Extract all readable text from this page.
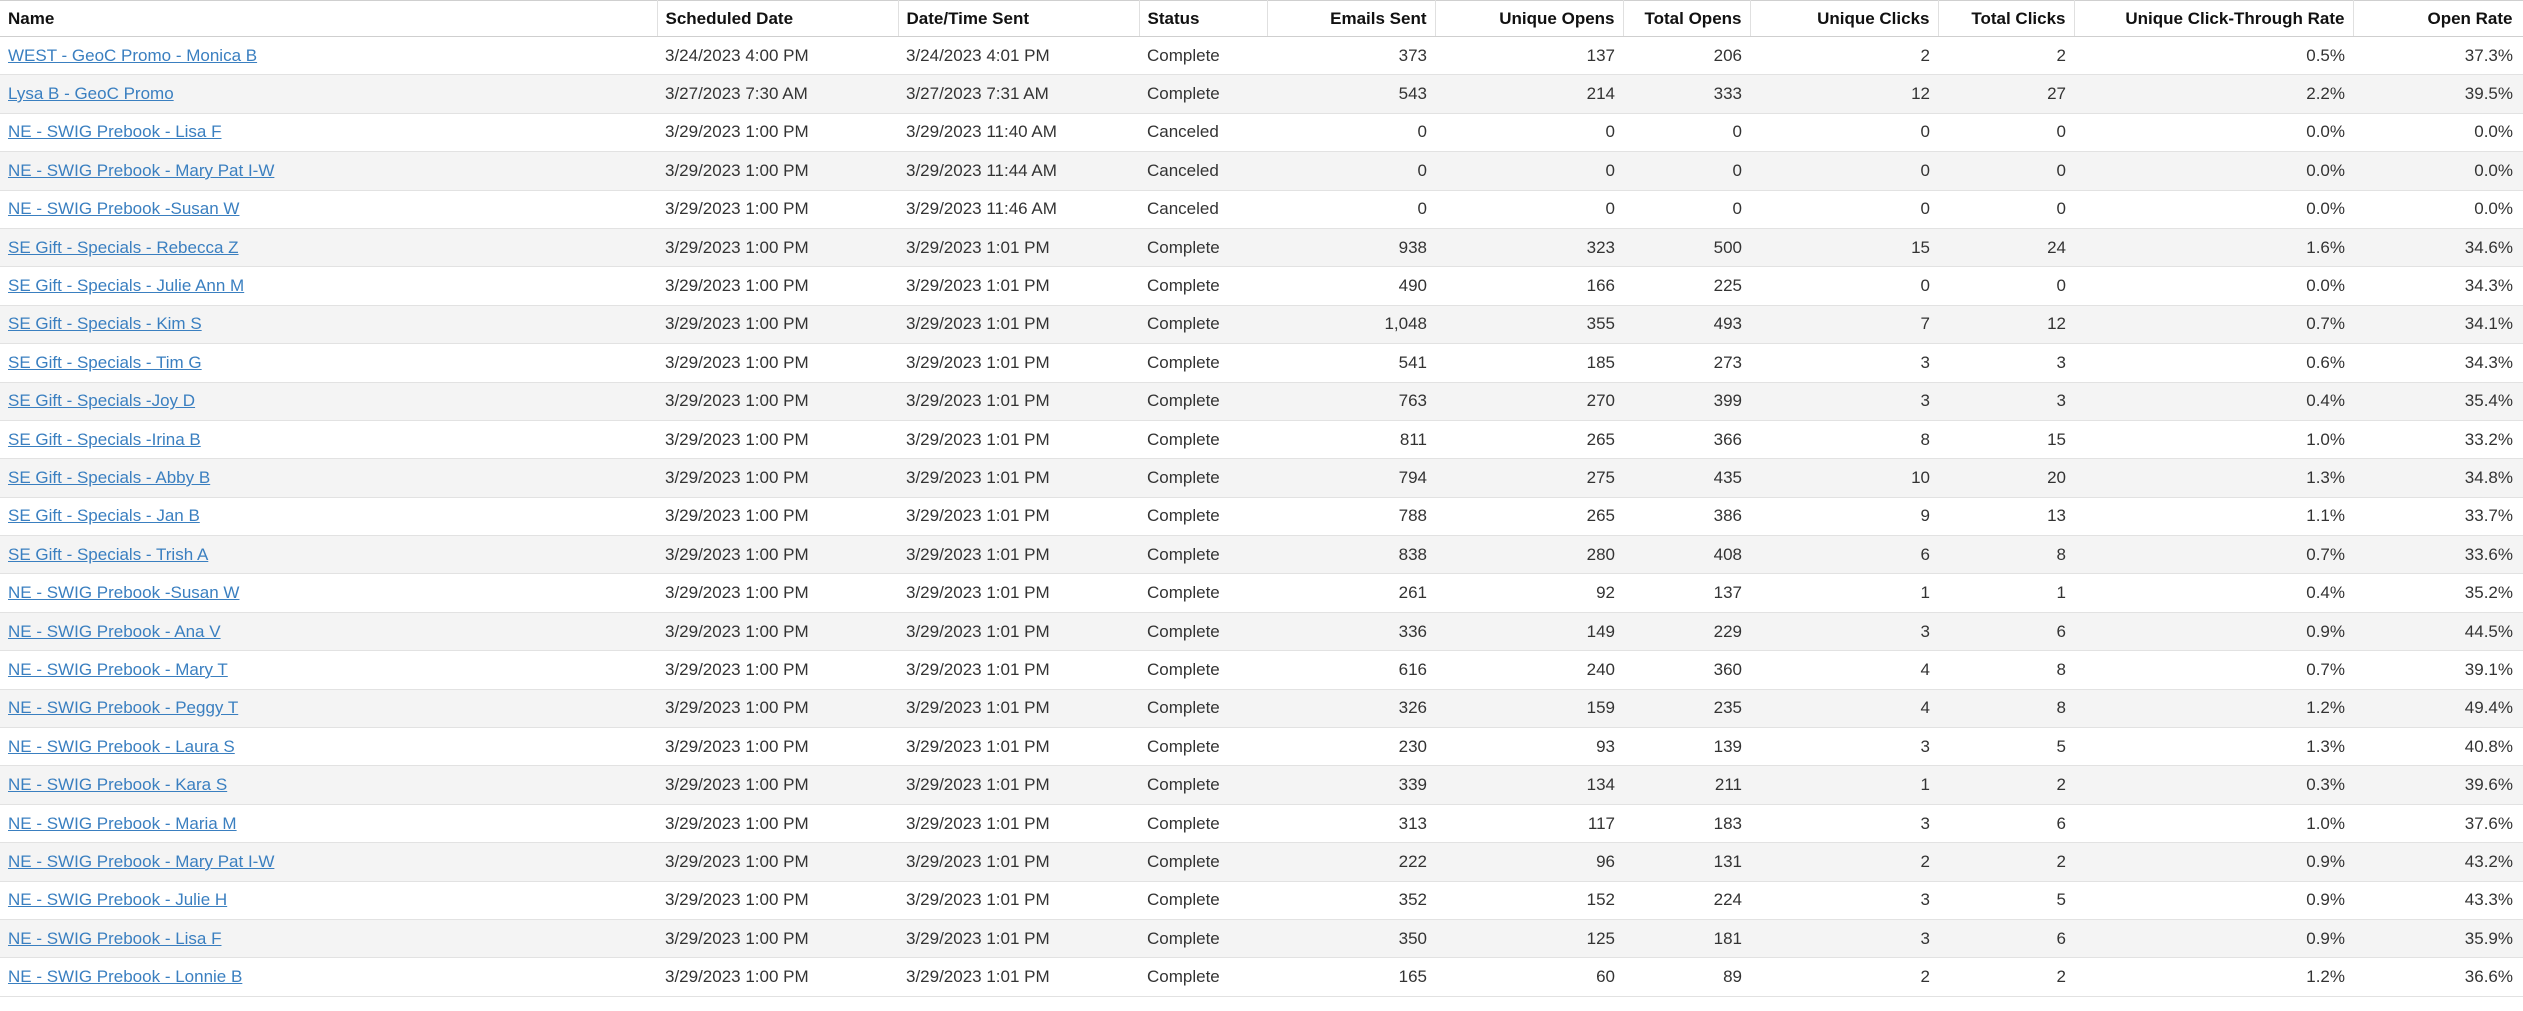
Name	Scheduled Date	Date/Time Sent	Status	Emails Sent	Unique Opens	Total Opens	Unique Clicks	Total Clicks	Unique Click-Through Rate	Open Rate
WEST - GeoC Promo - Monica B	3/24/2023 4:00 PM	3/24/2023 4:01 PM	Complete	373	137	206	2	2	0.5%	37.3%
Lysa B - GeoC Promo	3/27/2023 7:30 AM	3/27/2023 7:31 AM	Complete	543	214	333	12	27	2.2%	39.5%
NE - SWIG Prebook - Lisa F	3/29/2023 1:00 PM	3/29/2023 11:40 AM	Canceled	0	0	0	0	0	0.0%	0.0%
NE - SWIG Prebook - Mary Pat I-W	3/29/2023 1:00 PM	3/29/2023 11:44 AM	Canceled	0	0	0	0	0	0.0%	0.0%
NE - SWIG Prebook -Susan W	3/29/2023 1:00 PM	3/29/2023 11:46 AM	Canceled	0	0	0	0	0	0.0%	0.0%
SE Gift - Specials - Rebecca Z	3/29/2023 1:00 PM	3/29/2023 1:01 PM	Complete	938	323	500	15	24	1.6%	34.6%
SE Gift - Specials - Julie Ann M	3/29/2023 1:00 PM	3/29/2023 1:01 PM	Complete	490	166	225	0	0	0.0%	34.3%
SE Gift - Specials - Kim S	3/29/2023 1:00 PM	3/29/2023 1:01 PM	Complete	1,048	355	493	7	12	0.7%	34.1%
SE Gift - Specials - Tim G	3/29/2023 1:00 PM	3/29/2023 1:01 PM	Complete	541	185	273	3	3	0.6%	34.3%
SE Gift - Specials -Joy D	3/29/2023 1:00 PM	3/29/2023 1:01 PM	Complete	763	270	399	3	3	0.4%	35.4%
SE Gift - Specials -Irina B	3/29/2023 1:00 PM	3/29/2023 1:01 PM	Complete	811	265	366	8	15	1.0%	33.2%
SE Gift - Specials - Abby B	3/29/2023 1:00 PM	3/29/2023 1:01 PM	Complete	794	275	435	10	20	1.3%	34.8%
SE Gift - Specials - Jan B	3/29/2023 1:00 PM	3/29/2023 1:01 PM	Complete	788	265	386	9	13	1.1%	33.7%
SE Gift - Specials - Trish A	3/29/2023 1:00 PM	3/29/2023 1:01 PM	Complete	838	280	408	6	8	0.7%	33.6%
NE - SWIG Prebook -Susan W	3/29/2023 1:00 PM	3/29/2023 1:01 PM	Complete	261	92	137	1	1	0.4%	35.2%
NE - SWIG Prebook - Ana V	3/29/2023 1:00 PM	3/29/2023 1:01 PM	Complete	336	149	229	3	6	0.9%	44.5%
NE - SWIG Prebook - Mary T	3/29/2023 1:00 PM	3/29/2023 1:01 PM	Complete	616	240	360	4	8	0.7%	39.1%
NE - SWIG Prebook - Peggy T	3/29/2023 1:00 PM	3/29/2023 1:01 PM	Complete	326	159	235	4	8	1.2%	49.4%
NE - SWIG Prebook - Laura S	3/29/2023 1:00 PM	3/29/2023 1:01 PM	Complete	230	93	139	3	5	1.3%	40.8%
NE - SWIG Prebook - Kara S	3/29/2023 1:00 PM	3/29/2023 1:01 PM	Complete	339	134	211	1	2	0.3%	39.6%
NE - SWIG Prebook - Maria M	3/29/2023 1:00 PM	3/29/2023 1:01 PM	Complete	313	117	183	3	6	1.0%	37.6%
NE - SWIG Prebook - Mary Pat I-W	3/29/2023 1:00 PM	3/29/2023 1:01 PM	Complete	222	96	131	2	2	0.9%	43.2%
NE - SWIG Prebook - Julie H	3/29/2023 1:00 PM	3/29/2023 1:01 PM	Complete	352	152	224	3	5	0.9%	43.3%
NE - SWIG Prebook - Lisa F	3/29/2023 1:00 PM	3/29/2023 1:01 PM	Complete	350	125	181	3	6	0.9%	35.9%
NE - SWIG Prebook - Lonnie B	3/29/2023 1:00 PM	3/29/2023 1:01 PM	Complete	165	60	89	2	2	1.2%	36.6%
